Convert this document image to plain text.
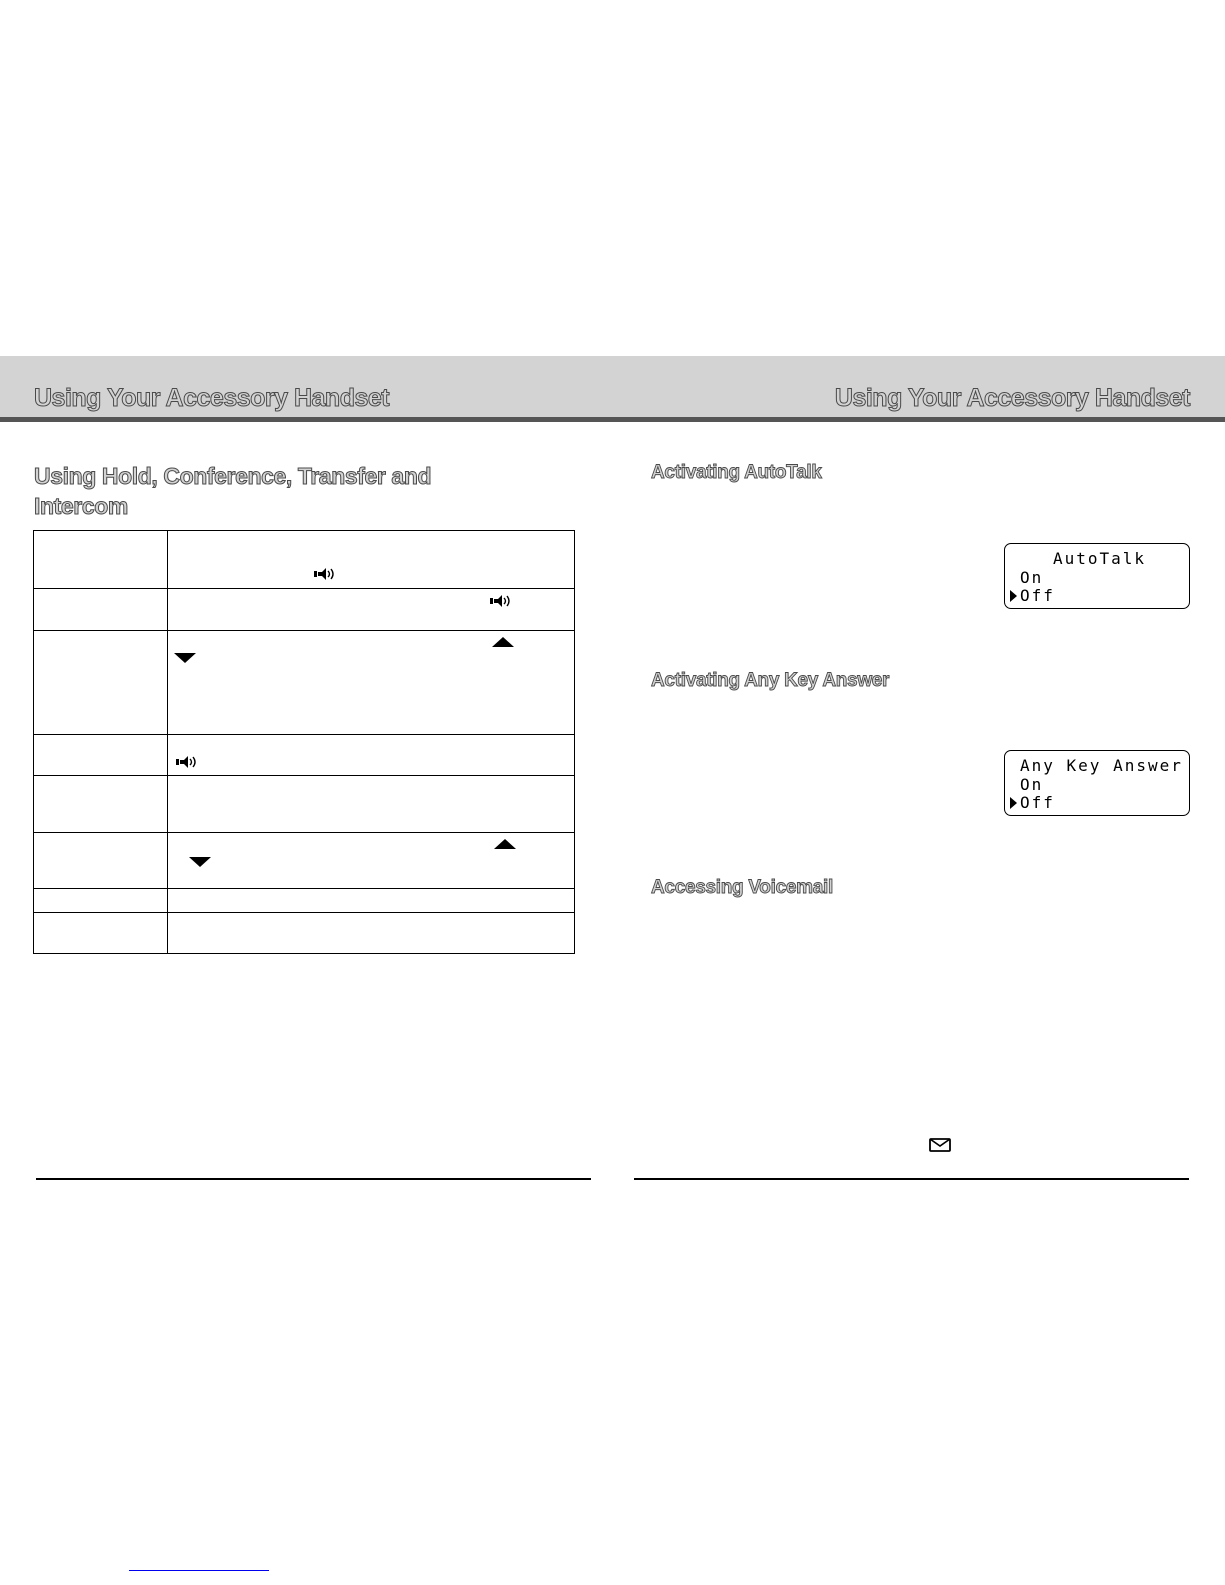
Using Your Accessory Handset	Using Your Accessory Handset
Using Hold, Conference, Transfer and
Intercom

Activating AutoTalk
AutoTalk
On
Off
Activating Any Key Answer
Any Key Answer
On
Off
Accessing Voicemail
